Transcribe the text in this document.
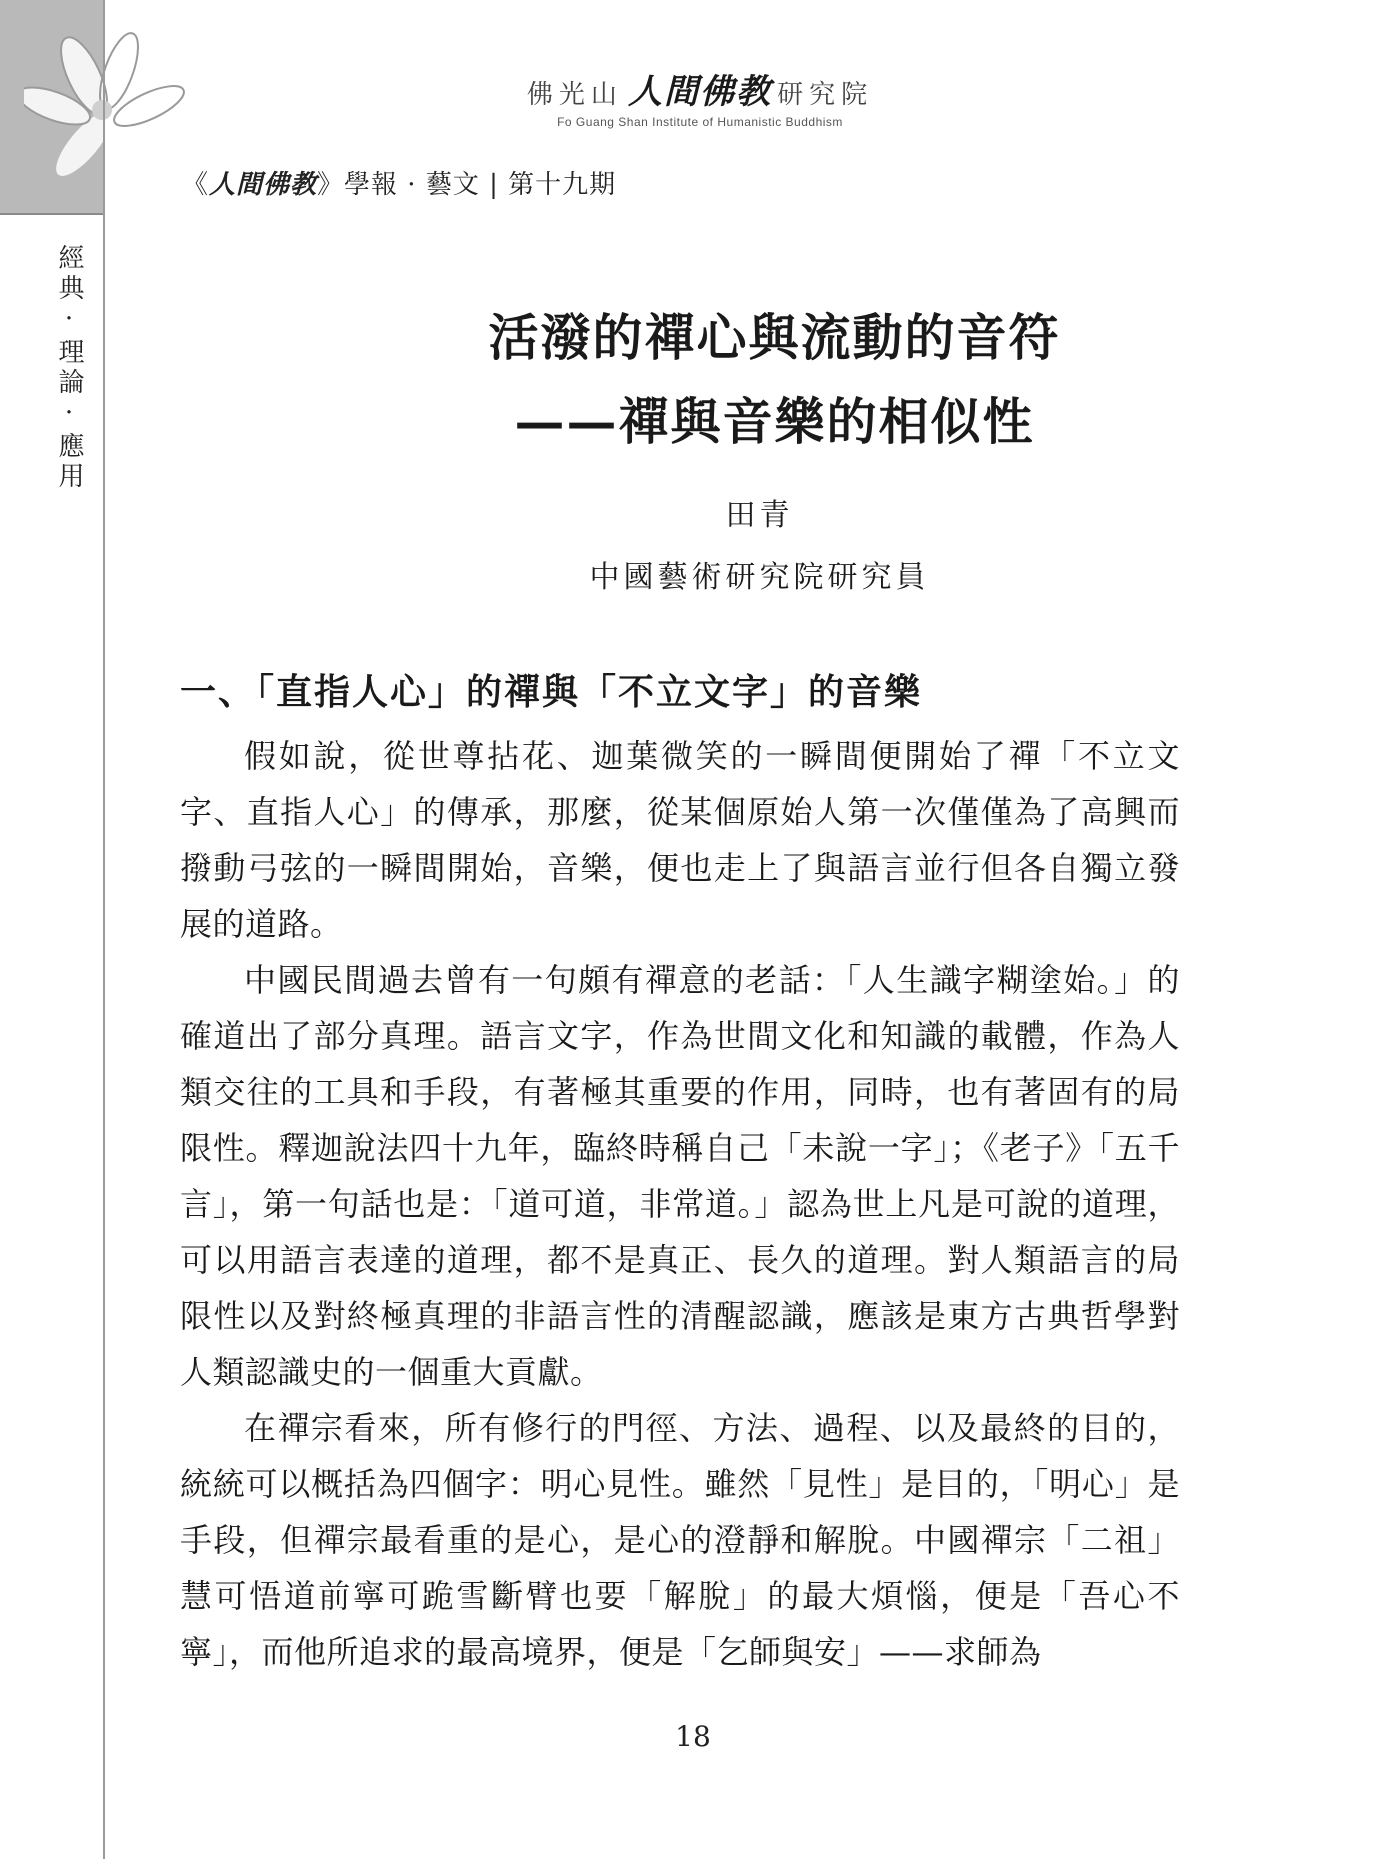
經典·理論·應用
佛光山 人間佛教 研究院
Fo Guang Shan Institute of Humanistic Buddhism
《人間佛教》學報 · 藝文 | 第十九期
活潑的禪心與流動的音符
——禪與音樂的相似性
田青
中國藝術研究院研究員
一、「直指人心」的禪與「不立文字」的音樂

假如說，從世尊拈花、迦葉微笑的一瞬間便開始了禪「不立文字、直指人心」的傳承，那麼，從某個原始人第一次僅僅為了高興而撥動弓弦的一瞬間開始，音樂，便也走上了與語言並行但各自獨立發展的道路。

中國民間過去曾有一句頗有禪意的老話：「人生識字糊塗始。」的確道出了部分真理。語言文字，作為世間文化和知識的載體，作為人類交往的工具和手段，有著極其重要的作用，同時，也有著固有的局限性。釋迦說法四十九年，臨終時稱自己「未說一字」；《老子》「五千言」，第一句話也是：「道可道，非常道。」認為世上凡是可說的道理，可以用語言表達的道理，都不是真正、長久的道理。對人類語言的局限性以及對終極真理的非語言性的清醒認識，應該是東方古典哲學對人類認識史的一個重大貢獻。

在禪宗看來，所有修行的門徑、方法、過程、以及最終的目的，統統可以概括為四個字：明心見性。雖然「見性」是目的，「明心」是手段，但禪宗最看重的是心，是心的澄靜和解脫。中國禪宗「二祖」慧可悟道前寧可跪雪斷臂也要「解脫」的最大煩惱，便是「吾心不寧」，而他所追求的最高境界，便是「乞師與安」——求師為

18
